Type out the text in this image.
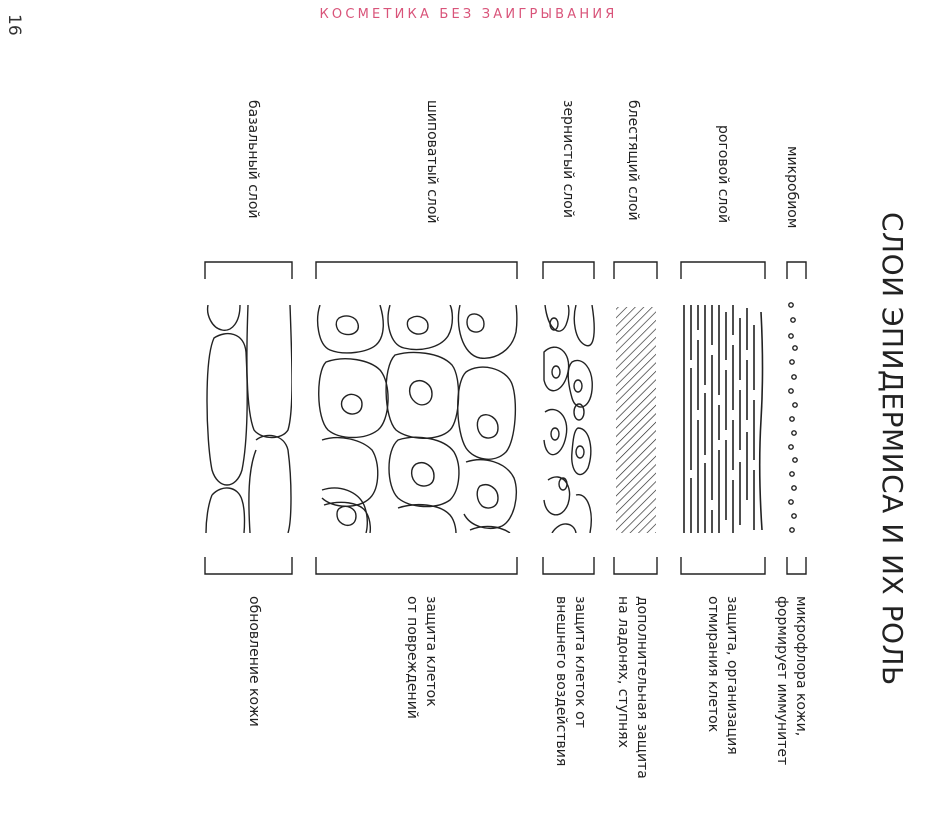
16	КОСМЕТИКА БЕЗ ЗАИГРЫВАНИЯ
СЛОИ ЭПИДЕРМИСА И ИХ РОЛЬ
микробиом
роговой слой
блестящий слой
зернистый слой
шиповатый слой
базальный слой
микрофлора кожи,
формирует иммунитет
защита, организация
отмирания клеток
дополнительная защита
на ладонях, ступнях
защита клеток от
внешнего воздействия
защита клеток
от повреждений
обновление кожи
